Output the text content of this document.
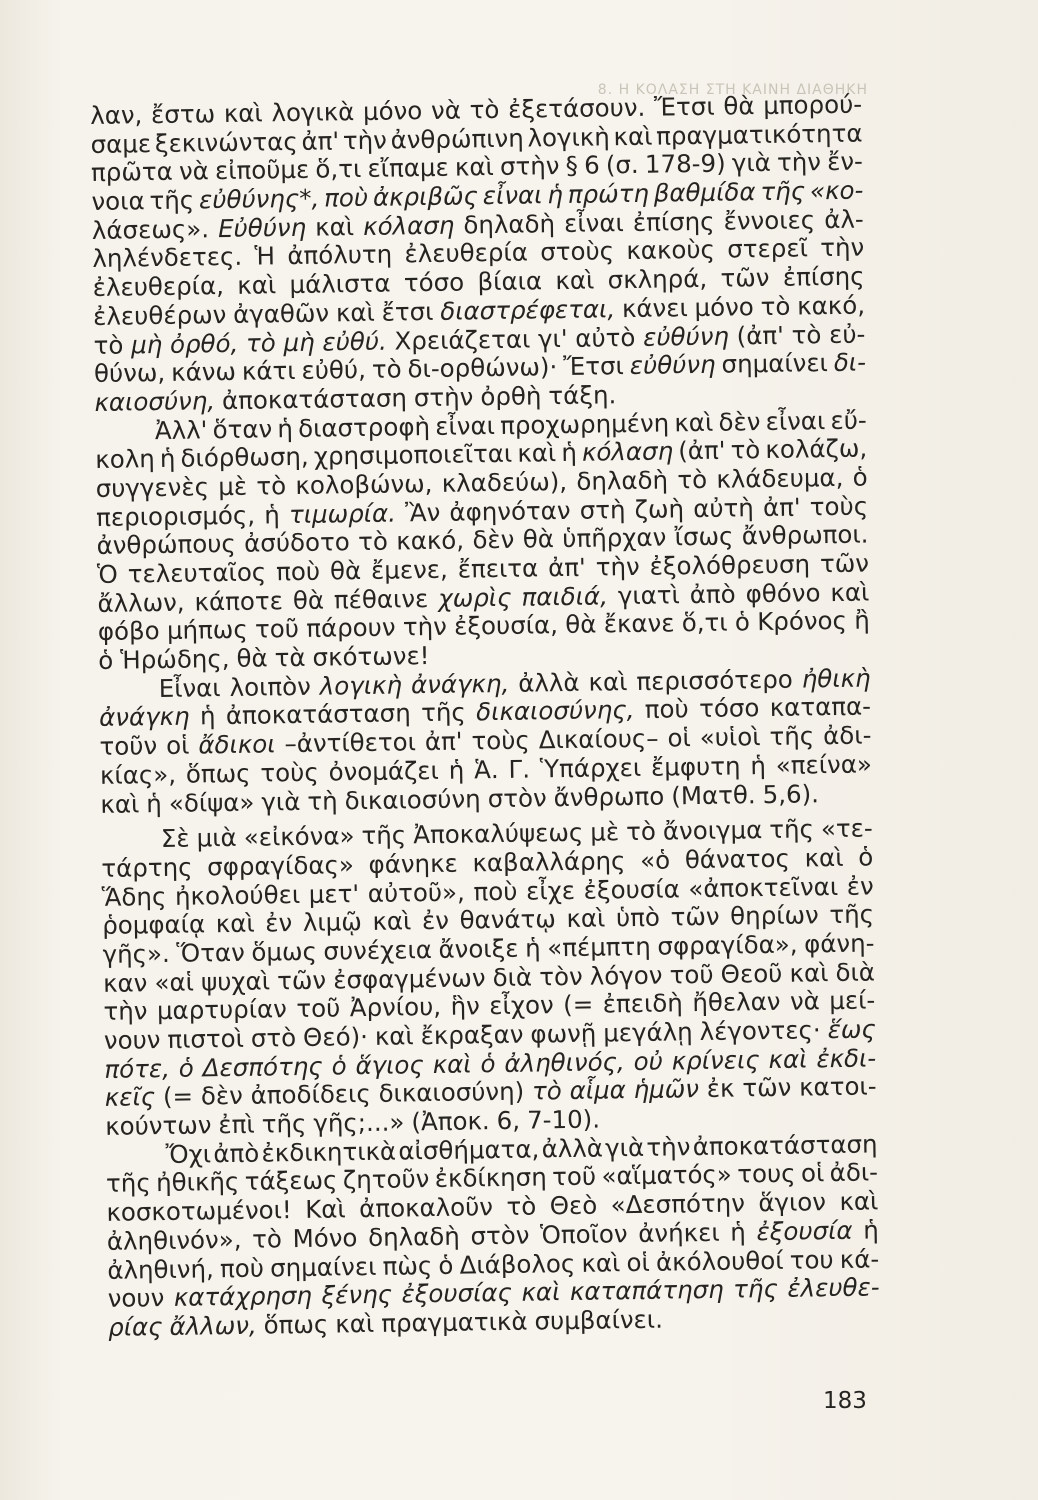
8. Η ΚΟΛΑΣΗ ΣΤΗ ΚΑΙΝΗ ΔΙΑΘΗΚΗ
λαν, ἔστω καὶ λογικὰ μόνο νὰ τὸ ἐξετάσουν. Ἔτσι θὰ μπορού-
σαμε ξεκινώντας ἀπ' τὴν ἀνθρώπινη λογικὴ καὶ πραγματικότητα
πρῶτα νὰ εἰποῦμε ὅ,τι εἴπαμε καὶ στὴν § 6 (σ. 178-9) γιὰ τὴν ἔν-
νοια τῆς εὐθύνης*, ποὺ ἀκριβῶς εἶναι ἡ πρώτη βαθμίδα τῆς «κο-
λάσεως». Εὐθύνη καὶ κόλαση δηλαδὴ εἶναι ἐπίσης ἔννοιες ἀλ-
ληλένδετες. Ἡ ἀπόλυτη ἐλευθερία στοὺς κακοὺς στερεῖ τὴν
ἐλευθερία, καὶ μάλιστα τόσο βίαια καὶ σκληρά, τῶν ἐπίσης
ἐλευθέρων ἀγαθῶν καὶ ἔτσι διαστρέφεται, κάνει μόνο τὸ κακό,
τὸ μὴ ὀρθό, τὸ μὴ εὐθύ. Χρειάζεται γι' αὐτὸ εὐθύνη (ἀπ' τὸ εὐ-
θύνω, κάνω κάτι εὐθύ, τὸ δι-ορθώνω)· Ἔτσι εὐθύνη σημαίνει δι-
καιοσύνη, ἀποκατάσταση στὴν ὀρθὴ τάξη.
Ἀλλ' ὅταν ἡ διαστροφὴ εἶναι προχωρημένη καὶ δὲν εἶναι εὔ-
κολη ἡ διόρθωση, χρησιμοποιεῖται καὶ ἡ κόλαση (ἀπ' τὸ κολάζω,
συγγενὲς μὲ τὸ κολοβώνω, κλαδεύω), δηλαδὴ τὸ κλάδευμα, ὁ
περιορισμός, ἡ τιμωρία. Ἂν ἀφηνόταν στὴ ζωὴ αὐτὴ ἀπ' τοὺς
ἀνθρώπους ἀσύδοτο τὸ κακό, δὲν θὰ ὑπῆρχαν ἴσως ἄνθρωποι.
Ὁ τελευταῖος ποὺ θὰ ἔμενε, ἔπειτα ἀπ' τὴν ἐξολόθρευση τῶν
ἄλλων, κάποτε θὰ πέθαινε χωρὶς παιδιά, γιατὶ ἀπὸ φθόνο καὶ
φόβο μήπως τοῦ πάρουν τὴν ἐξουσία, θὰ ἔκανε ὅ,τι ὁ Κρόνος ἢ
ὁ Ἡρώδης, θὰ τὰ σκότωνε!
Εἶναι λοιπὸν λογικὴ ἀνάγκη, ἀλλὰ καὶ περισσότερο ἠθικὴ
ἀνάγκη ἡ ἀποκατάσταση τῆς δικαιοσύνης, ποὺ τόσο καταπα-
τοῦν οἱ ἄδικοι –ἀντίθετοι ἀπ' τοὺς Δικαίους– οἱ «υἱοὶ τῆς ἀδι-
κίας», ὅπως τοὺς ὀνομάζει ἡ Ἁ. Γ. Ὑπάρχει ἔμφυτη ἡ «πείνα»
καὶ ἡ «δίψα» γιὰ τὴ δικαιοσύνη στὸν ἄνθρωπο (Ματθ. 5,6).
Σὲ μιὰ «εἰκόνα» τῆς Ἀποκαλύψεως μὲ τὸ ἄνοιγμα τῆς «τε-
τάρτης σφραγίδας» φάνηκε καβαλλάρης «ὁ θάνατος καὶ ὁ
Ἅδης ἠκολούθει μετ' αὐτοῦ», ποὺ εἶχε ἐξουσία «ἀποκτεῖναι ἐν
ῥομφαίᾳ καὶ ἐν λιμῷ καὶ ἐν θανάτῳ καὶ ὑπὸ τῶν θηρίων τῆς
γῆς». Ὅταν ὅμως συνέχεια ἄνοιξε ἡ «πέμπτη σφραγίδα», φάνη-
καν «αἱ ψυχαὶ τῶν ἐσφαγμένων διὰ τὸν λόγον τοῦ Θεοῦ καὶ διὰ
τὴν μαρτυρίαν τοῦ Ἀρνίου, ἣν εἶχον (= ἐπειδὴ ἤθελαν νὰ μεί-
νουν πιστοὶ στὸ Θεό)· καὶ ἔκραξαν φωνῇ μεγάλῃ λέγοντες· ἕως
πότε, ὁ Δεσπότης ὁ ἅγιος καὶ ὁ ἀληθινός, οὐ κρίνεις καὶ ἐκδι-
κεῖς (= δὲν ἀποδίδεις δικαιοσύνη) τὸ αἷμα ἡμῶν ἐκ τῶν κατοι-
κούντων ἐπὶ τῆς γῆς;...» (Ἀποκ. 6, 7-10).
Ὄχι ἀπὸ ἐκδικητικὰ αἰσθήματα, ἀλλὰ γιὰ τὴν ἀποκατάσταση
τῆς ἠθικῆς τάξεως ζητοῦν ἐκδίκηση τοῦ «αἵματός» τους οἱ ἀδι-
κοσκοτωμένοι! Καὶ ἀποκαλοῦν τὸ Θεὸ «Δεσπότην ἅγιον καὶ
ἀληθινόν», τὸ Μόνο δηλαδὴ στὸν Ὁποῖον ἀνήκει ἡ ἐξουσία ἡ
ἀληθινή, ποὺ σημαίνει πὼς ὁ Διάβολος καὶ οἱ ἀκόλουθοί του κά-
νουν κατάχρηση ξένης ἐξουσίας καὶ καταπάτηση τῆς ἐλευθε-
ρίας ἄλλων, ὅπως καὶ πραγματικὰ συμβαίνει.
183
